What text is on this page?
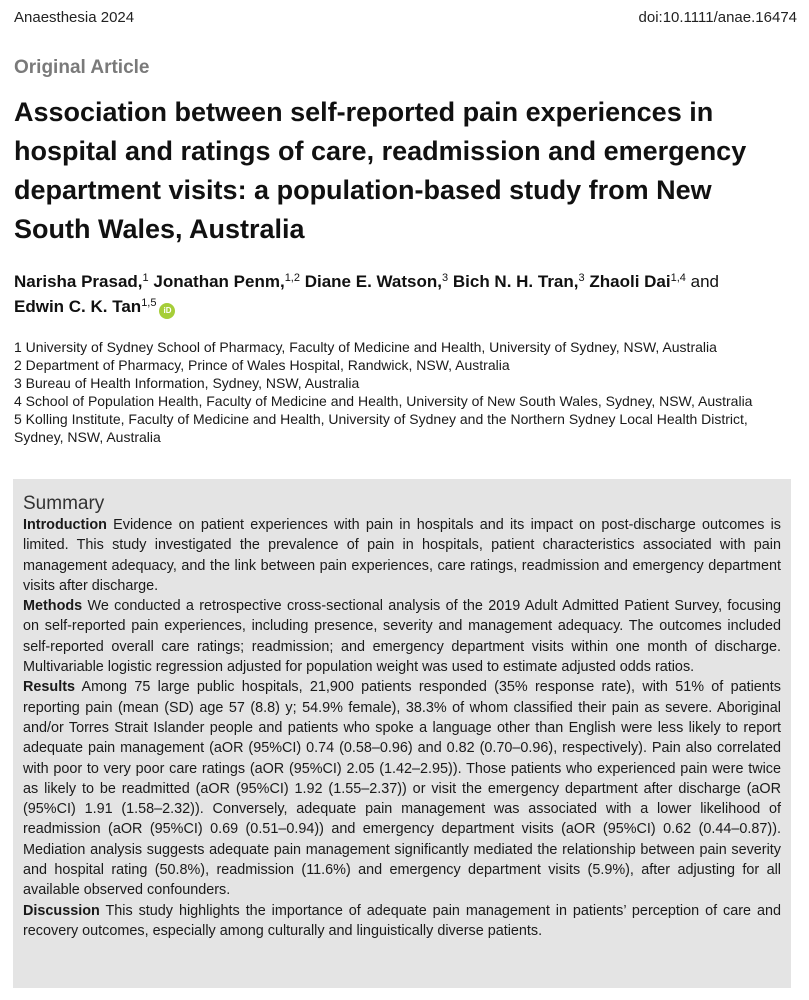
Anaesthesia 2024	doi:10.1111/anae.16474
Original Article
Association between self-reported pain experiences in hospital and ratings of care, readmission and emergency department visits: a population-based study from New South Wales, Australia
Narisha Prasad,$^1$ Jonathan Penm,$^{1,2}$ Diane E. Watson,$^3$ Bich N. H. Tran,$^3$ Zhaoli Dai$^{1,4}$ and
Edwin C. K. Tan$^{1,5}$iD
1 University of Sydney School of Pharmacy, Faculty of Medicine and Health, University of Sydney, NSW, Australia
2 Department of Pharmacy, Prince of Wales Hospital, Randwick, NSW, Australia
3 Bureau of Health Information, Sydney, NSW, Australia
4 School of Population Health, Faculty of Medicine and Health, University of New South Wales, Sydney, NSW, Australia
5 Kolling Institute, Faculty of Medicine and Health, University of Sydney and the Northern Sydney Local Health District, Sydney, NSW, Australia
Summary

Introduction Evidence on patient experiences with pain in hospitals and its impact on post-discharge outcomes is limited. This study investigated the prevalence of pain in hospitals, patient characteristics associated with pain management adequacy, and the link between pain experiences, care ratings, readmission and emergency department visits after discharge.

Methods We conducted a retrospective cross-sectional analysis of the 2019 Adult Admitted Patient Survey, focusing on self-reported pain experiences, including presence, severity and management adequacy. The outcomes included self-reported overall care ratings; readmission; and emergency department visits within one month of discharge. Multivariable logistic regression adjusted for population weight was used to estimate adjusted odds ratios.

Results Among 75 large public hospitals, 21,900 patients responded (35% response rate), with 51% of patients reporting pain (mean (SD) age 57 (8.8) y; 54.9% female), 38.3% of whom classified their pain as severe. Aboriginal and/or Torres Strait Islander people and patients who spoke a language other than English were less likely to report adequate pain management (aOR (95%CI) 0.74 (0.58–0.96) and 0.82 (0.70–0.96), respectively). Pain also correlated with poor to very poor care ratings (aOR (95%CI) 2.05 (1.42–2.95)). Those patients who experienced pain were twice as likely to be readmitted (aOR (95%CI) 1.92 (1.55–2.37)) or visit the emergency department after discharge (aOR (95%CI) 1.91 (1.58–2.32)). Conversely, adequate pain management was associated with a lower likelihood of readmission (aOR (95%CI) 0.69 (0.51–0.94)) and emergency department visits (aOR (95%CI) 0.62 (0.44–0.87)). Mediation analysis suggests adequate pain management significantly mediated the relationship between pain severity and hospital rating (50.8%), readmission (11.6%) and emergency department visits (5.9%), after adjusting for all available observed confounders.

Discussion This study highlights the importance of adequate pain management in patients’ perception of care and recovery outcomes, especially among culturally and linguistically diverse patients.
